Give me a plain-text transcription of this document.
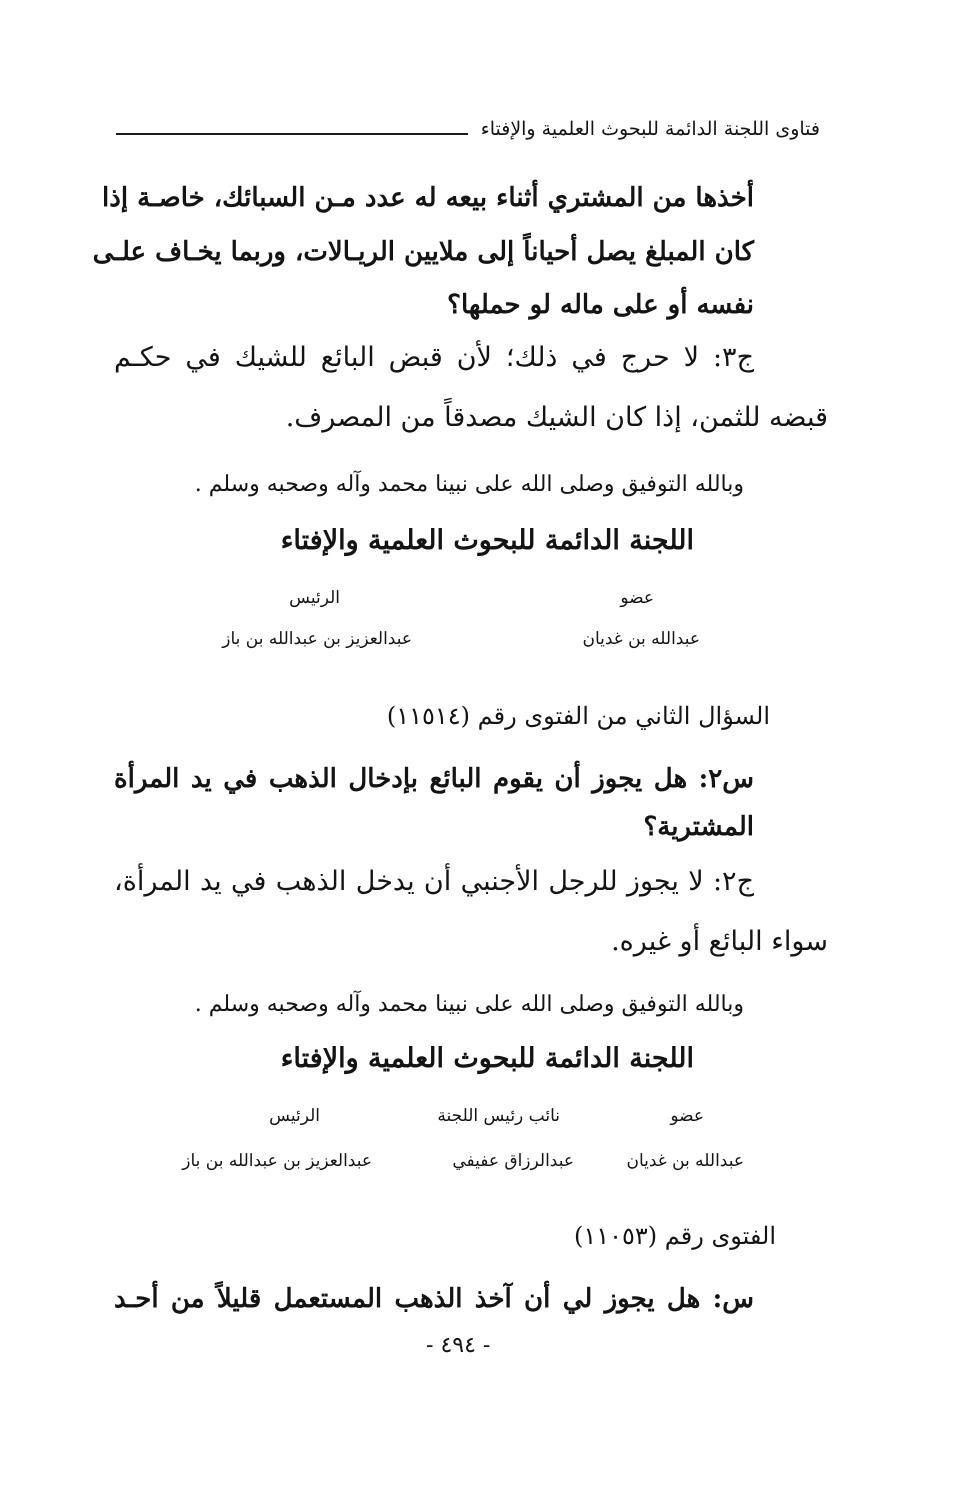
فتاوى اللجنة الدائمة للبحوث العلمية والإفتاء
أخذها من المشتري أثناء بيعه له عدد مـن السبائك، خاصـة إذا
كان المبلغ يصل أحياناً إلى ملايين الريـالات، وربما يخـاف علـى
نفسه أو على ماله لو حملها؟
ج٣: لا حرج في ذلك؛ لأن قبض البائع للشيك في حكـم
قبضه للثمن، إذا كان الشيك مصدقاً من المصرف.
وبالله التوفيق وصلى الله على نبينا محمد وآله وصحبه وسلم .
اللجنة الدائمة للبحوث العلمية والإفتاء
عضو
الرئيس
عبدالله بن غديان
عبدالعزيز بن عبدالله بن باز
السؤال الثاني من الفتوى رقم (١١٥١٤)
س٢: هل يجوز أن يقوم البائع بإدخال الذهب في يد المرأة
المشترية؟
ج٢: لا يجوز للرجل الأجنبي أن يدخل الذهب في يد المرأة،
سواء البائع أو غيره.
وبالله التوفيق وصلى الله على نبينا محمد وآله وصحبه وسلم .
اللجنة الدائمة للبحوث العلمية والإفتاء
عضو
نائب رئيس اللجنة
الرئيس
عبدالله بن غديان
عبدالرزاق عفيفي
عبدالعزيز بن عبدالله بن باز
الفتوى رقم (١١٠٥٣)
س: هل يجوز لي أن آخذ الذهب المستعمل قليلاً من أحـد
- ٤٩٤ -
